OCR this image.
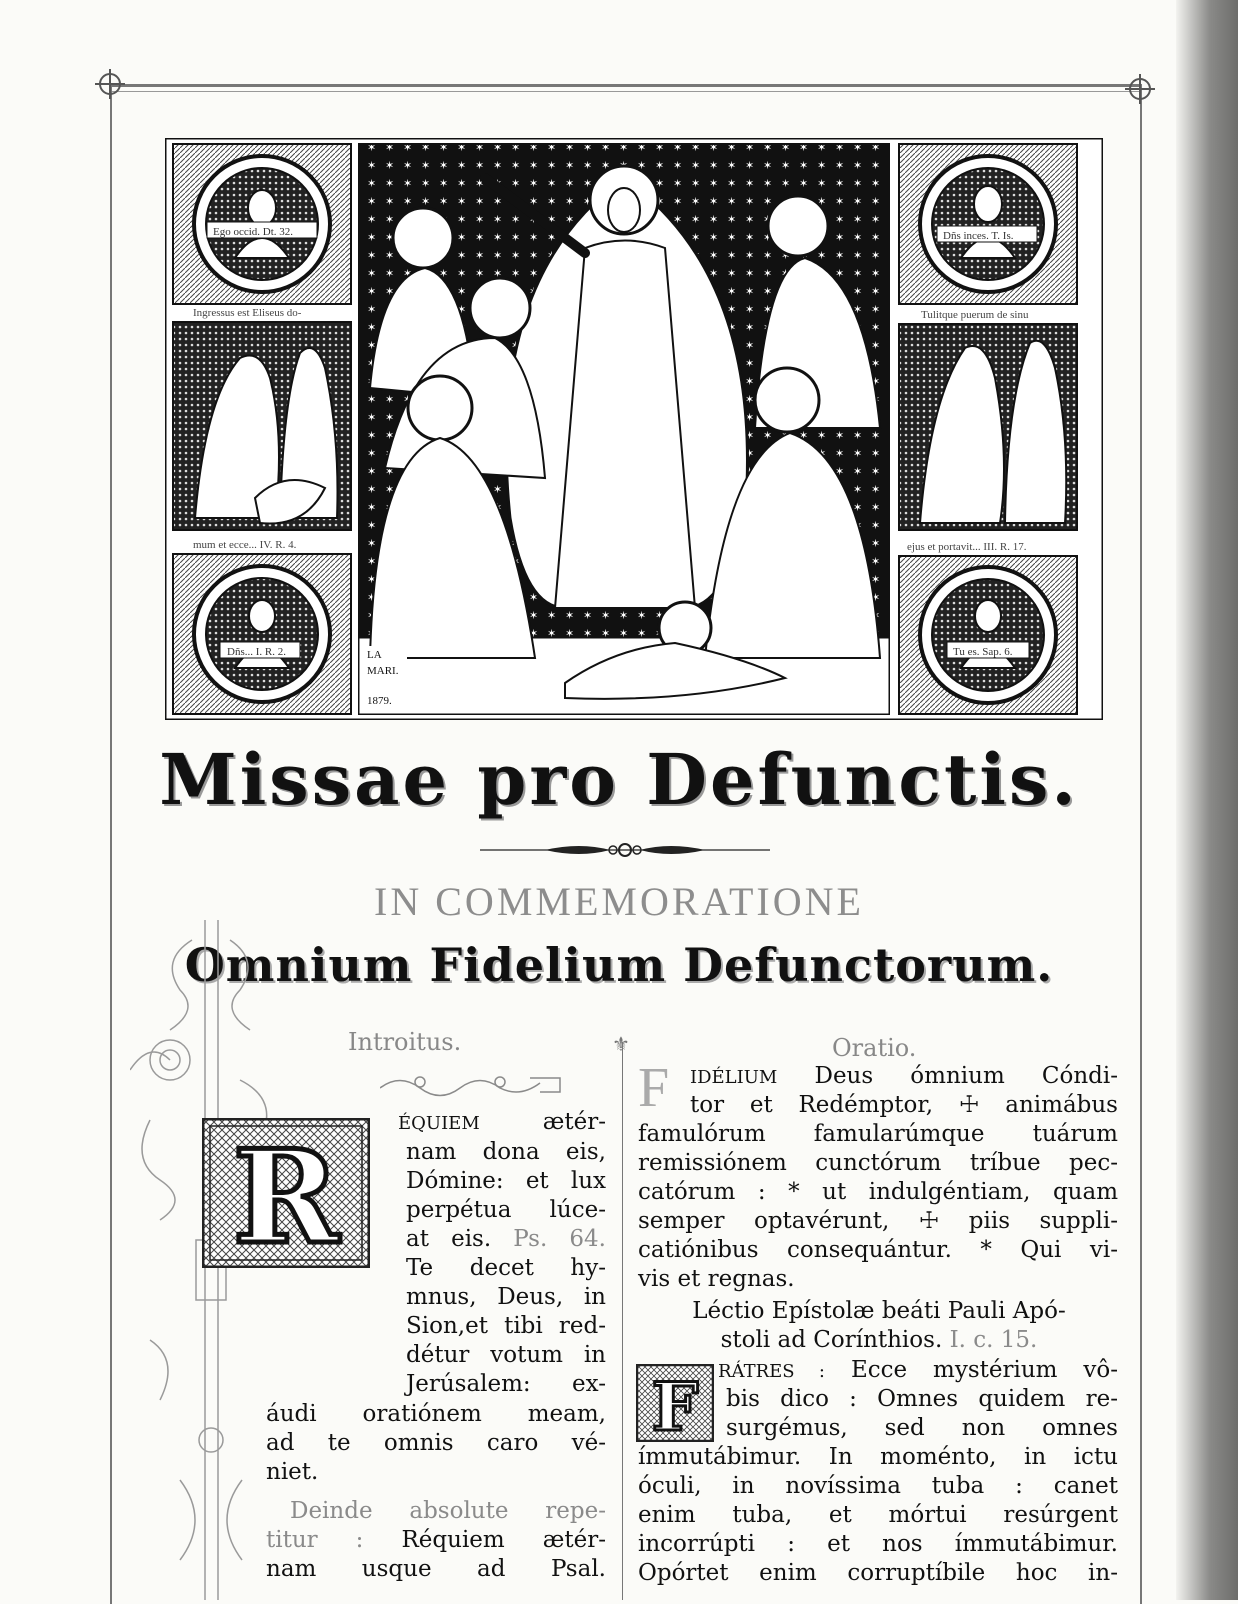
Ego occid. Dt. 32.
Ingressus est Eliseus do-
mum et ecce... IV. R. 4.
Dñs... I. R. 2.	LA
MARI.
1879.
Dñs inces. T. Is.
Tulitque puerum de sinu
ejus et portavit... III. R. 17.
Tu es. Sap. 6.
Missae pro Defunctis.
IN COMMEMORATIONE
Omnium Fidelium Defunctorum.
Introitus.	Oratio.
⚜
R	ÉQUIEM ætér-
nam dona eis,
Dómine: et lux
perpétua lúce-
at eis. Ps. 64.
Te decet hy-
mnus, Deus, in
Sion,et tibi red-
détur votum in
Jerúsalem: ex-
áudi oratiónem meam,
ad te omnis caro vé-
niet.
Deinde absolute repe-
titur : Réquiem ætér-
nam usque ad Psal.
F	IDÉLIUM Deus ómnium Cóndi-
tor et Redémptor, ☩ animábus
famulórum famularúmque tuárum
remissiónem cunctórum tríbue pec-
catórum : * ut indulgéntiam, quam
semper optavérunt, ☩ piis suppli-
catiónibus consequántur. * Qui vi-
vis et regnas.
Léctio Epístolæ beáti Pauli Apó-
stoli ad Corínthios. I. c. 15.
F RÁTRES : Ecce mystérium vô-
bis dico : Omnes quidem re-
surgémus, sed non omnes
ímmutábimur. In moménto, in ictu
óculi, in novíssima tuba : canet
enim tuba, et mórtui resúrgent
incorrúpti : et nos ímmutábimur.
Opórtet enim corruptíbile hoc in-
